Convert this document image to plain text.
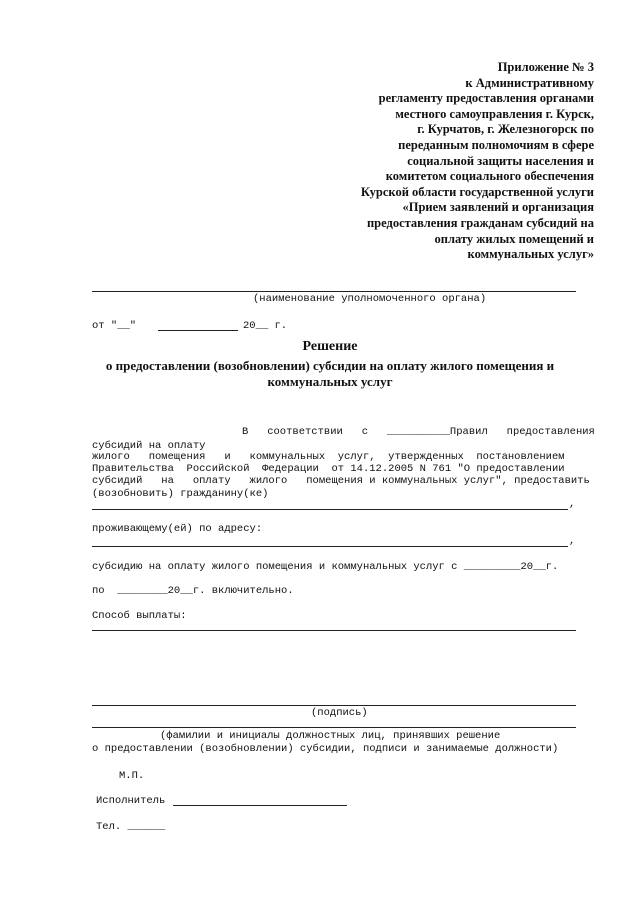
Приложение № 3
к Административному
регламенту предоставления органами
местного самоуправления г. Курск,
г. Курчатов, г. Железногорск по
переданным полномочиям в сфере
социальной защиты населения и
комитетом социального обеспечения
Курской области государственной услуги
«Прием заявлений и организация
предоставления гражданам субсидий на
оплату жилых помещений и
коммунальных услуг»
(наименование уполномоченного органа)
от "__"	20__ г.
Решение
о предоставлении (возобновлении) субсидии на оплату жилого помещения и
коммунальных услуг
В   соответствии   с   __________Правил   предоставления
субсидий на оплату
жилого   помещения   и   коммунальных  услуг,  утвержденных  постановлением
Правительства  Российской  Федерации  от 14.12.2005 N 761 "О предоставлении
субсидий   на   оплату   жилого   помещения и коммунальных услуг", предоставить
(возобновить) гражданину(ке)
,
проживающему(ей) по адресу:
,
субсидию на оплату жилого помещения и коммунальных услуг с _________20__г.
по  ________20__г. включительно.
Способ выплаты:
(подпись)
(фамилии и инициалы должностных лиц, принявших решение
о предоставлении (возобновлении) субсидии, подписи и занимаемые должности)
М.П.
Исполнитель
Тел. ______
